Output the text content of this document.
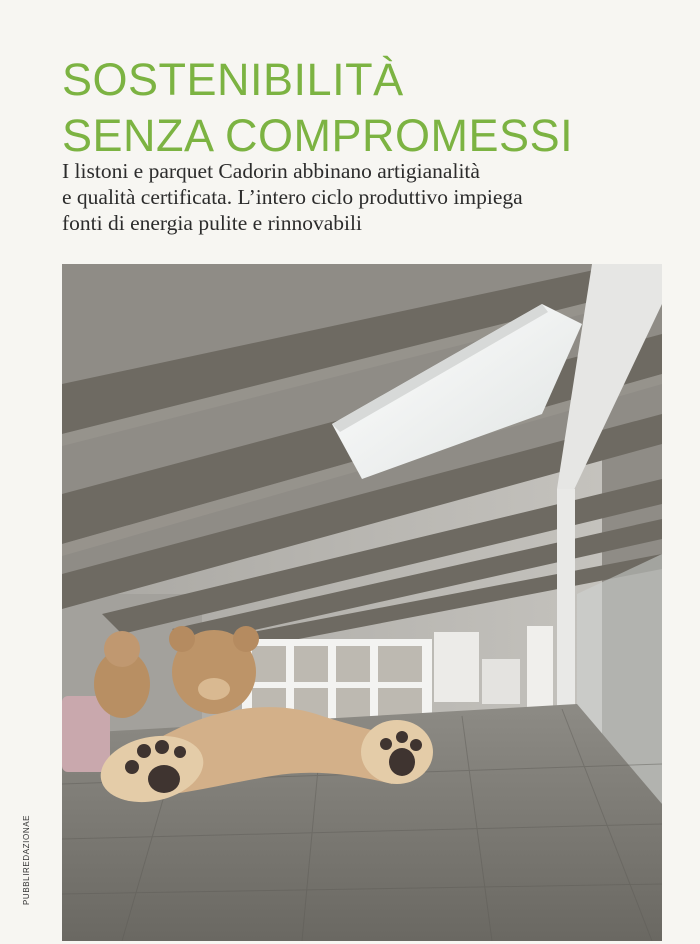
SOSTENIBILITÀ
SENZA COMPROMESSI

I listoni e parquet Cadorin abbinano artigianalità
e qualità certificata. L’intero ciclo produttivo impiega
fonti di energia pulite e rinnovabili

PUBBLIREDAZIONAE
